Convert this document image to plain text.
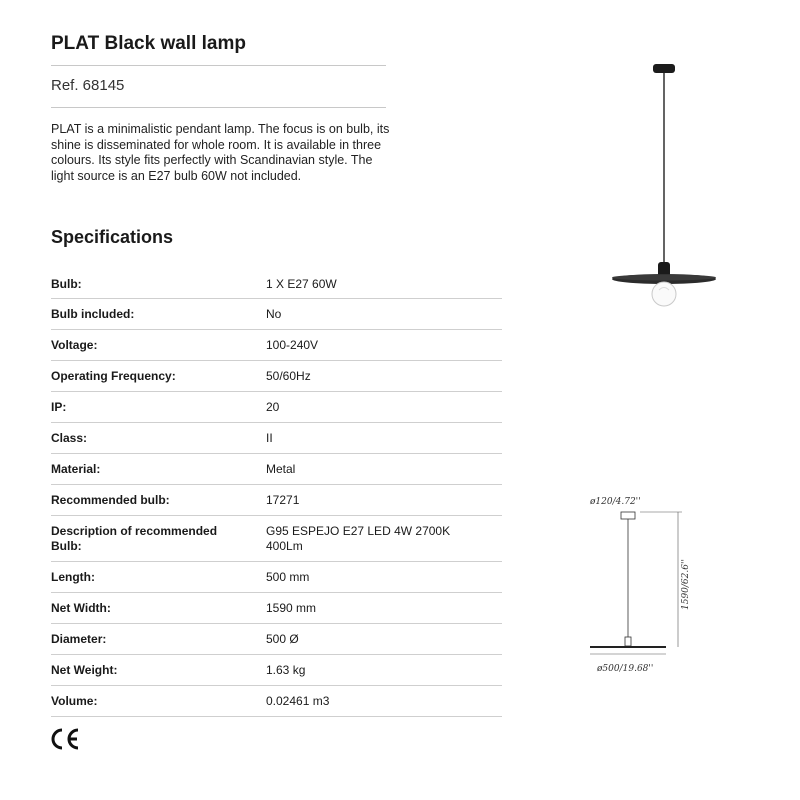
PLAT Black wall lamp
Ref. 68145
PLAT is a minimalistic pendant lamp. The focus is on bulb, its shine is disseminated for whole room. It is available in three colours. Its style fits perfectly with Scandinavian style. The light source is an E27 bulb 60W not included.
Specifications
Bulb:	1 X E27 60W
Bulb included:	No
Voltage:	100-240V
Operating Frequency:	50/60Hz
IP:	20
Class:	II
Material:	Metal
Recommended bulb:	17271
Description of recommended Bulb:
G95 ESPEJO E27 LED 4W 2700K 400Lm
Length:	500 mm
Net Width:	1590 mm
Diameter:	500 Ø
Net Weight:	1.63 kg
Volume:	0.02461 m3
ø120/4.72''
1590/62.6''
ø500/19.68''
